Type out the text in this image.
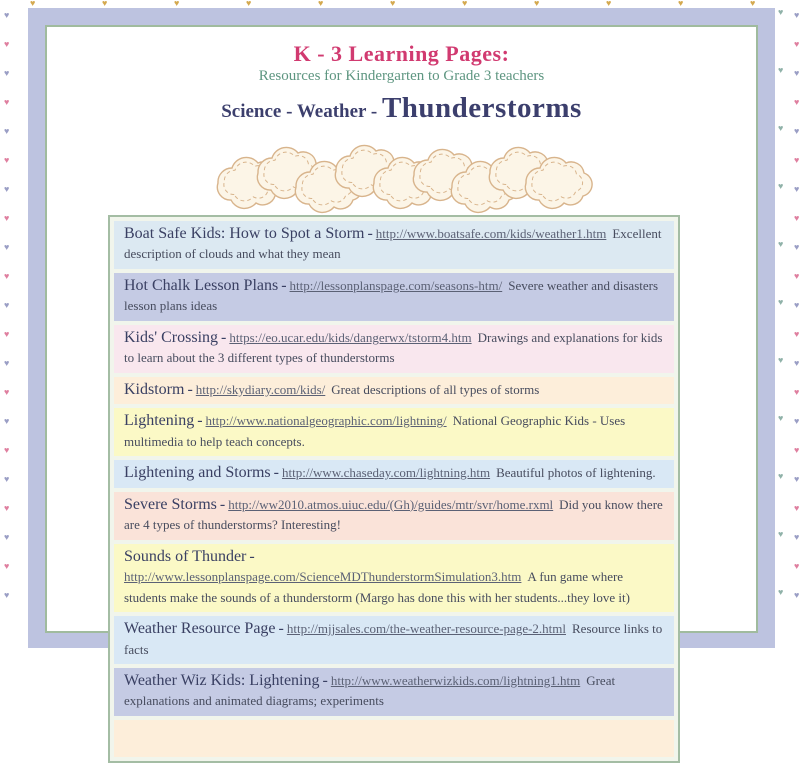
♥	♥	♥	♥	♥	♥	♥	♥	♥	♥	♥
♥
♥
♥
♥
♥
♥
♥
♥
♥
♥
♥
♥
♥
♥
♥
♥
♥
♥
♥
♥
♥
♥
♥
♥
♥
♥
♥
♥
♥
♥
♥
♥
♥
♥
♥
♥
♥
♥
♥
♥
♥
♥
♥
♥
♥
♥
♥
♥
♥
♥
♥
♥
♥
K - 3 Learning Pages:
Resources for Kindergarten to Grade 3 teachers
Science - Weather - Thunderstorms
Boat Safe Kids: How to Spot a Storm - http://www.boatsafe.com/kids/weather1.htm Excellent description of clouds and what they mean
Hot Chalk Lesson Plans - http://lessonplanspage.com/seasons-htm/ Severe weather and disasters lesson plans ideas
Kids' Crossing - https://eo.ucar.edu/kids/dangerwx/tstorm4.htm Drawings and explanations for kids to learn about the 3 different types of thunderstorms
Kidstorm - http://skydiary.com/kids/ Great descriptions of all types of storms
Lightening - http://www.nationalgeographic.com/lightning/ National Geographic Kids - Uses multimedia to help teach concepts.
Lightening and Storms - http://www.chaseday.com/lightning.htm Beautiful photos of lightening.
Severe Storms - http://ww2010.atmos.uiuc.edu/(Gh)/guides/mtr/svr/home.rxml Did you know there are 4 types of thunderstorms? Interesting!
Sounds of Thunder -http://www.lessonplanspage.com/ScienceMDThunderstormSimulation3.htm A fun game where students make the sounds of a thunderstorm (Margo has done this with her students...they love it)
Weather Resource Page - http://mjjsales.com/the-weather-resource-page-2.html Resource links to facts
Weather Wiz Kids: Lightening - http://www.weatherwizkids.com/lightning1.htm Great explanations and animated diagrams; experiments
